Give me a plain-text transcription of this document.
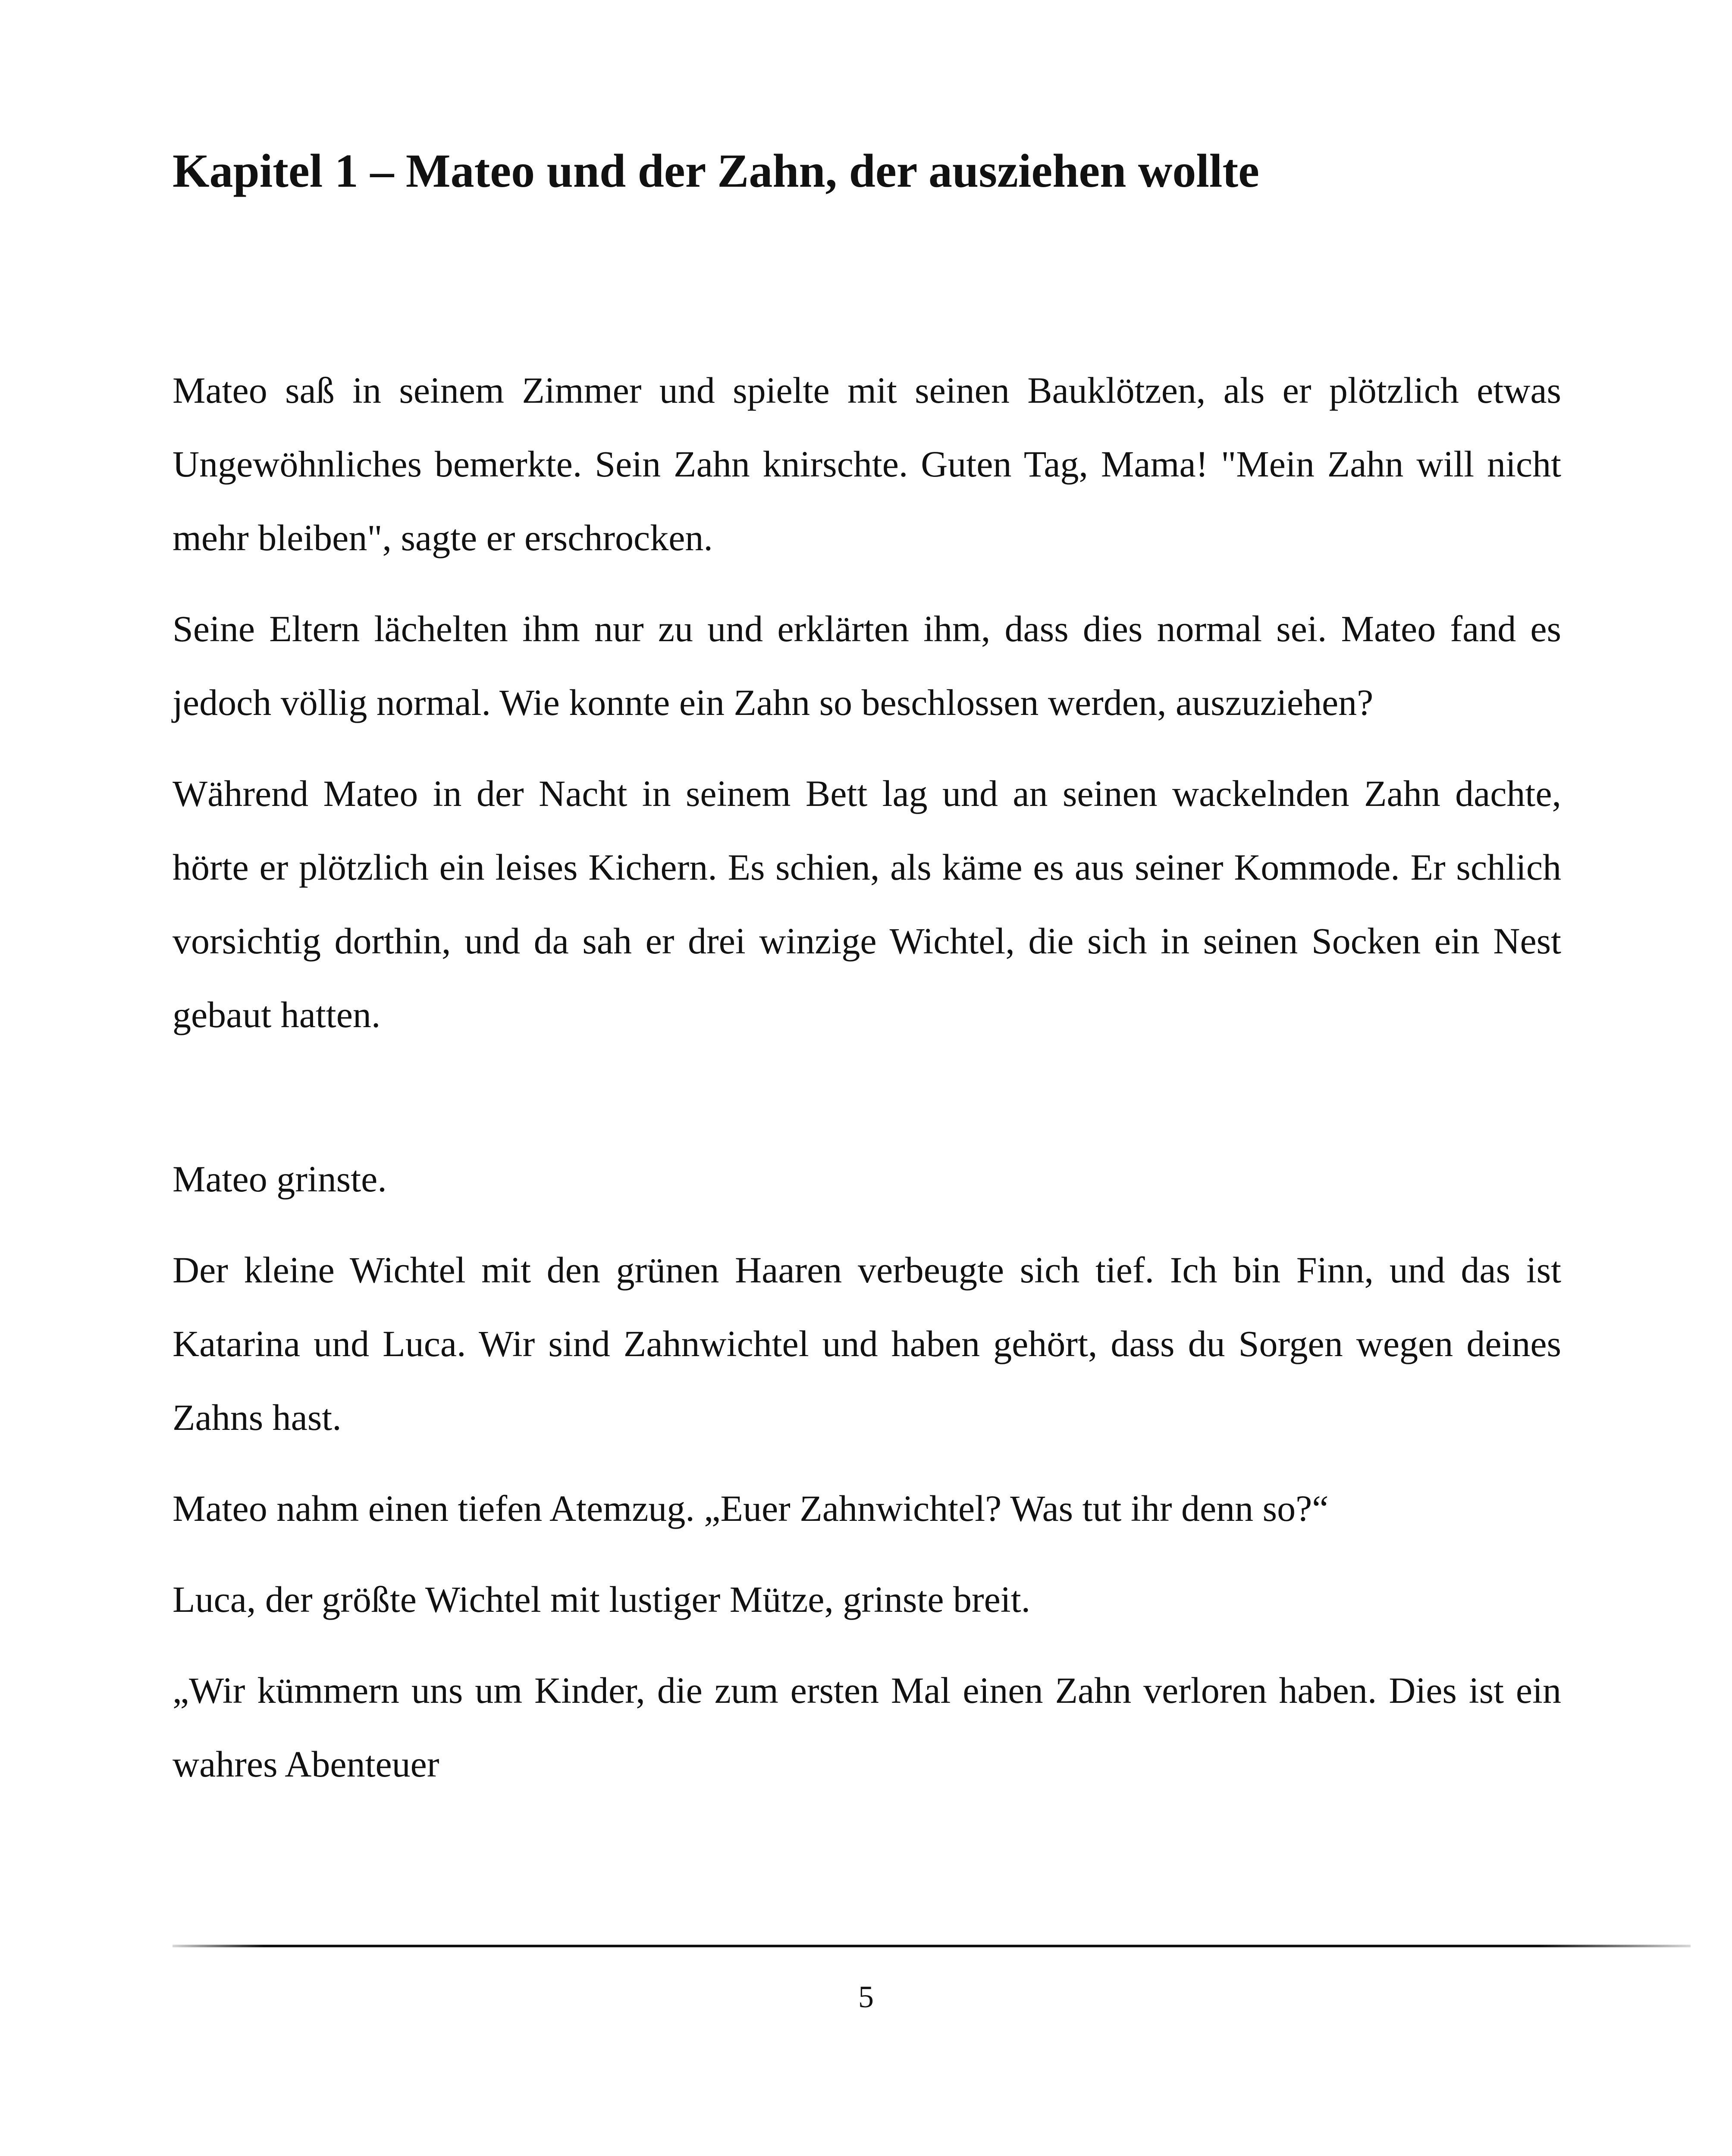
Kapitel 1 – Mateo und der Zahn, der ausziehen wollte

Mateo saß in seinem Zimmer und spielte mit seinen Bauklötzen, als er plötzlich etwas Ungewöhnliches bemerkte. Sein Zahn knirschte. Guten Tag, Mama! "Mein Zahn will nicht mehr bleiben", sagte er erschrocken.

Seine Eltern lächelten ihm nur zu und erklärten ihm, dass dies normal sei. Mateo fand es jedoch völlig normal. Wie konnte ein Zahn so beschlossen werden, auszuziehen?

Während Mateo in der Nacht in seinem Bett lag und an seinen wackelnden Zahn dachte, hörte er plötzlich ein leises Kichern. Es schien, als käme es aus seiner Kommode. Er schlich vorsichtig dorthin, und da sah er drei winzige Wichtel, die sich in seinen Socken ein Nest gebaut hatten.

Mateo grinste.

Der kleine Wichtel mit den grünen Haaren verbeugte sich tief. Ich bin Finn, und das ist Katarina und Luca. Wir sind Zahnwichtel und haben gehört, dass du Sorgen wegen deines Zahns hast.

Mateo nahm einen tiefen Atemzug. „Euer Zahnwichtel? Was tut ihr denn so?“

Luca, der größte Wichtel mit lustiger Mütze, grinste breit.

„Wir kümmern uns um Kinder, die zum ersten Mal einen Zahn verloren haben. Dies ist ein wahres Abenteuer

5
